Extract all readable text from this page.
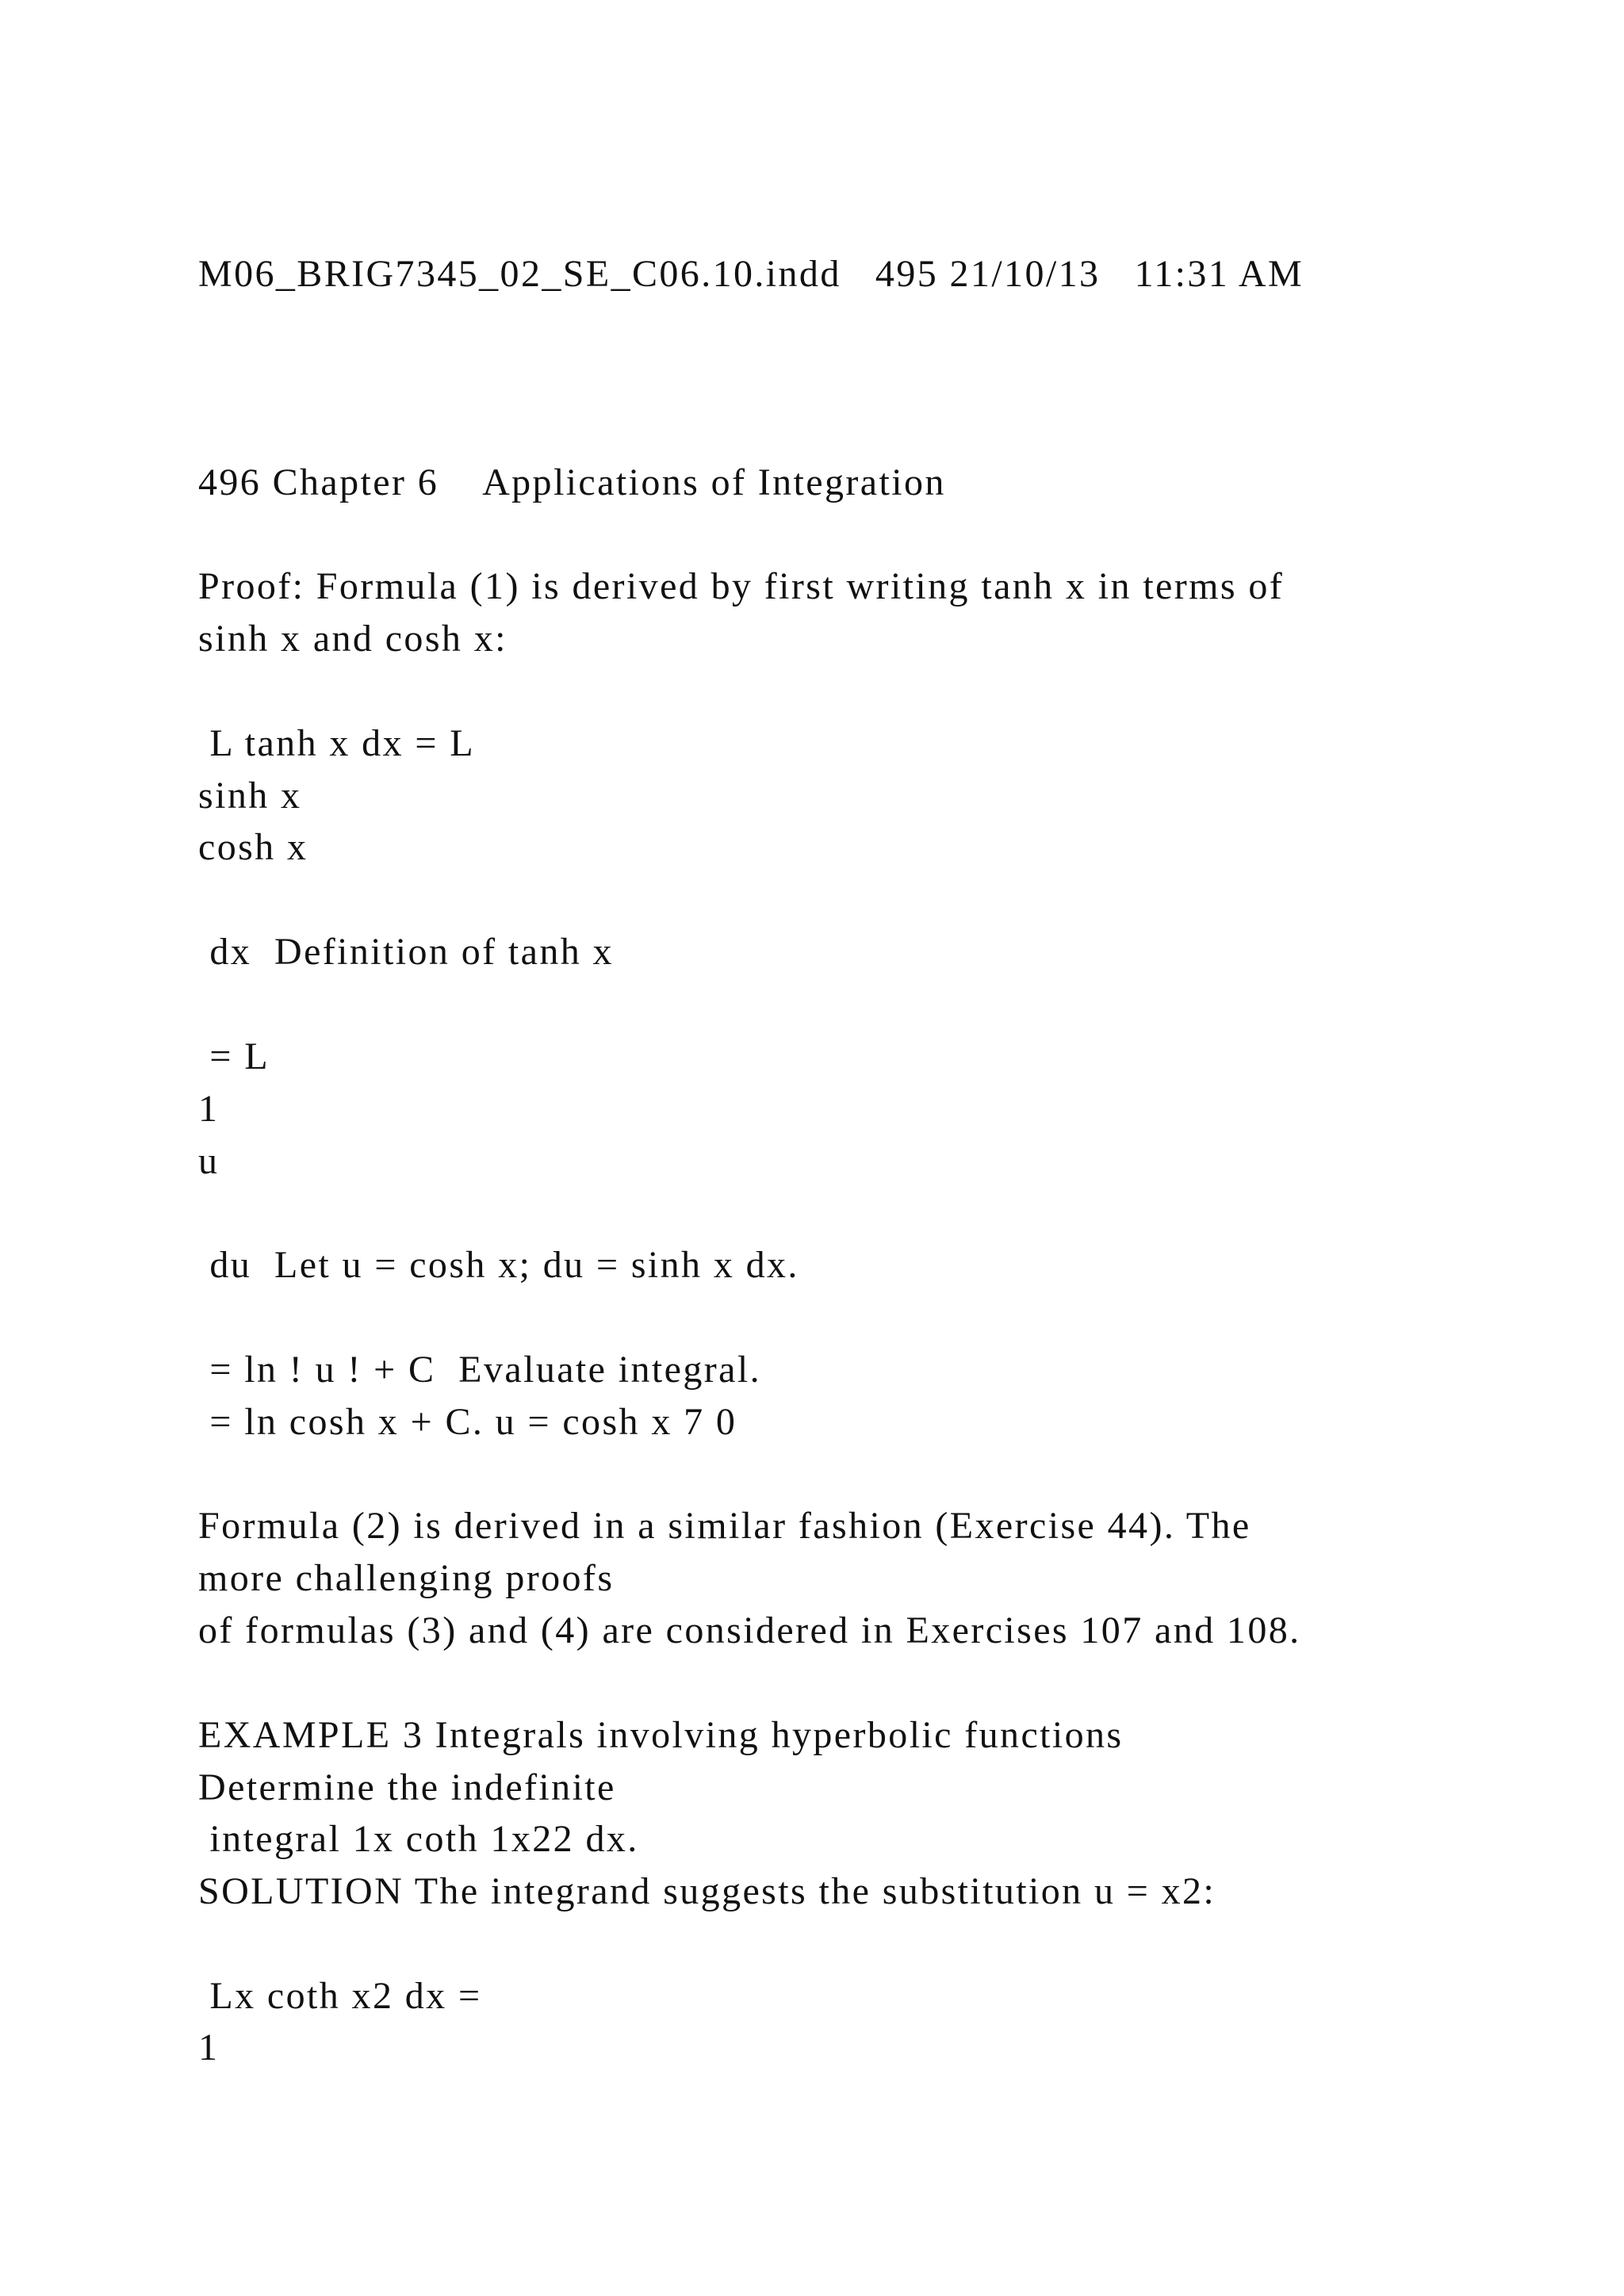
M06_BRIG7345_02_SE_C06.10.indd   495 21/10/13   11:31 AM

496 Chapter 6    Applications of Integration

Proof: Formula (1) is derived by first writing tanh x in terms of

sinh x and cosh x:

L tanh x dx = L

sinh x

cosh x

dx  Definition of tanh x

= L

1

u

du  Let u = cosh x; du = sinh x dx.

= ln ! u ! + C  Evaluate integral.

= ln cosh x + C. u = cosh x 7 0

Formula (2) is derived in a similar fashion (Exercise 44). The

more challenging proofs

of formulas (3) and (4) are considered in Exercises 107 and 108.

EXAMPLE 3 Integrals involving hyperbolic functions

Determine the indefinite

integral 1x coth 1x22 dx.

SOLUTION The integrand suggests the substitution u = x2:

Lx coth x2 dx =

1
